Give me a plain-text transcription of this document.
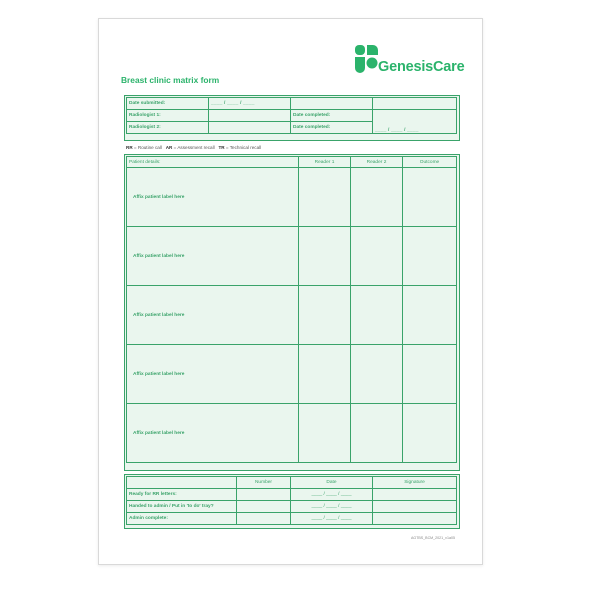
GenesisCare
Breast clinic matrix form
Date submitted:	____ / ____ / ____		
Radiologist 1:		Date completed:	____ / ____ / ____
Radiologist 2:		Date completed:	
RR = Routine call AR = Assessment recall TR = Technical recall
Patient details:	Reader 1	Reader 2	Outcome
Affix patient label here			
Affix patient label here			
Affix patient label here			
Affix patient label here			
Affix patient label here			
	Number	Date	Signature
Ready for RR letters:		____ / ____ / ____	
Handed to admin / Put in 'to do' tray?		____ / ____ / ____	
Admin complete:		____ / ____ / ____	
AGTBS_BCM_2021_v1a05
